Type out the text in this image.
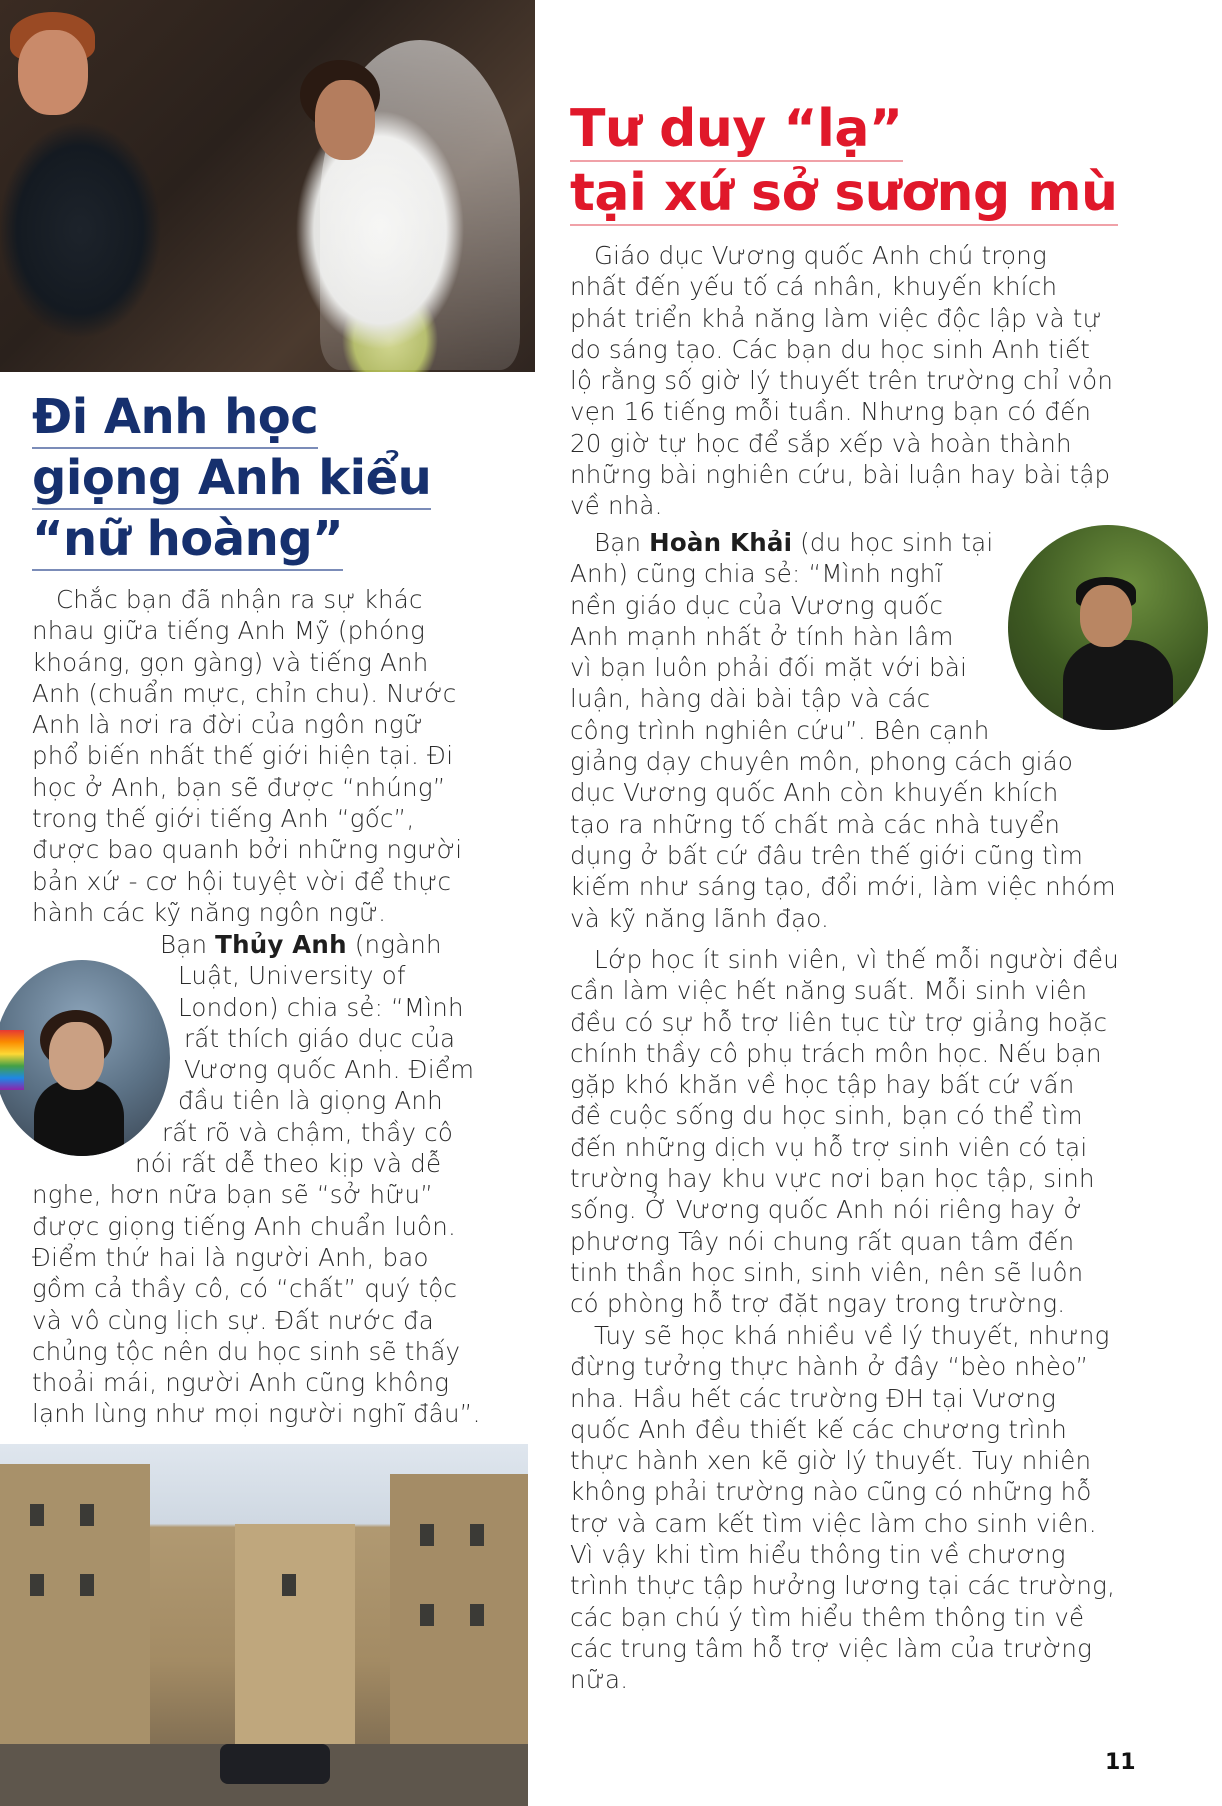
Đi Anh học
giọng Anh kiểu
“nữ hoàng”
Chắc bạn đã nhận ra sự khác
nhau giữa tiếng Anh Mỹ (phóng
khoáng, gọn gàng) và tiếng Anh
Anh (chuẩn mực, chỉn chu). Nước
Anh là nơi ra đời của ngôn ngữ
phổ biến nhất thế giới hiện tại. Đi
học ở Anh, bạn sẽ được “nhúng”
trong thế giới tiếng Anh “gốc”,
được bao quanh bởi những người
bản xứ - cơ hội tuyệt vời để thực
hành các kỹ năng ngôn ngữ.
Bạn Thủy Anh (ngành
Luật, University of
London) chia sẻ: “Mình
rất thích giáo dục của
Vương quốc Anh. Điểm
đầu tiên là giọng Anh
rất rõ và chậm, thầy cô
nói rất dễ theo kịp và dễ
nghe, hơn nữa bạn sẽ “sở hữu”
được giọng tiếng Anh chuẩn luôn.
Điểm thứ hai là người Anh, bao
gồm cả thầy cô, có “chất” quý tộc
và vô cùng lịch sự. Đất nước đa
chủng tộc nên du học sinh sẽ thấy
thoải mái, người Anh cũng không
lạnh lùng như mọi người nghĩ đâu”.
Tư duy “lạ”
tại xứ sở sương mù
Giáo dục Vương quốc Anh chú trọng
nhất đến yếu tố cá nhân, khuyến khích
phát triển khả năng làm việc độc lập và tự
do sáng tạo. Các bạn du học sinh Anh tiết
lộ rằng số giờ lý thuyết trên trường chỉ vỏn
vẹn 16 tiếng mỗi tuần. Nhưng bạn có đến
20 giờ tự học để sắp xếp và hoàn thành
những bài nghiên cứu, bài luận hay bài tập
về nhà.
Bạn Hoàn Khải (du học sinh tại
Anh) cũng chia sẻ: “Mình nghĩ
nền giáo dục của Vương quốc
Anh mạnh nhất ở tính hàn lâm
vì bạn luôn phải đối mặt với bài
luận, hàng dài bài tập và các
công trình nghiên cứu”. Bên cạnh
giảng dạy chuyên môn, phong cách giáo
dục Vương quốc Anh còn khuyến khích
tạo ra những tố chất mà các nhà tuyển
dụng ở bất cứ đâu trên thế giới cũng tìm
kiếm như sáng tạo, đổi mới, làm việc nhóm
và kỹ năng lãnh đạo.
Lớp học ít sinh viên, vì thế mỗi người đều
cần làm việc hết năng suất. Mỗi sinh viên
đều có sự hỗ trợ liên tục từ trợ giảng hoặc
chính thầy cô phụ trách môn học. Nếu bạn
gặp khó khăn về học tập hay bất cứ vấn
đề cuộc sống du học sinh, bạn có thể tìm
đến những dịch vụ hỗ trợ sinh viên có tại
trường hay khu vực nơi bạn học tập, sinh
sống. Ở Vương quốc Anh nói riêng hay ở
phương Tây nói chung rất quan tâm đến
tinh thần học sinh, sinh viên, nên sẽ luôn
có phòng hỗ trợ đặt ngay trong trường.
Tuy sẽ học khá nhiều về lý thuyết, nhưng
đừng tưởng thực hành ở đây “bèo nhèo”
nha. Hầu hết các trường ĐH tại Vương
quốc Anh đều thiết kế các chương trình
thực hành xen kẽ giờ lý thuyết. Tuy nhiên
không phải trường nào cũng có những hỗ
trợ và cam kết tìm việc làm cho sinh viên.
Vì vậy khi tìm hiểu thông tin về chương
trình thực tập hưởng lương tại các trường,
các bạn chú ý tìm hiểu thêm thông tin về
các trung tâm hỗ trợ việc làm của trường
nữa.
11
